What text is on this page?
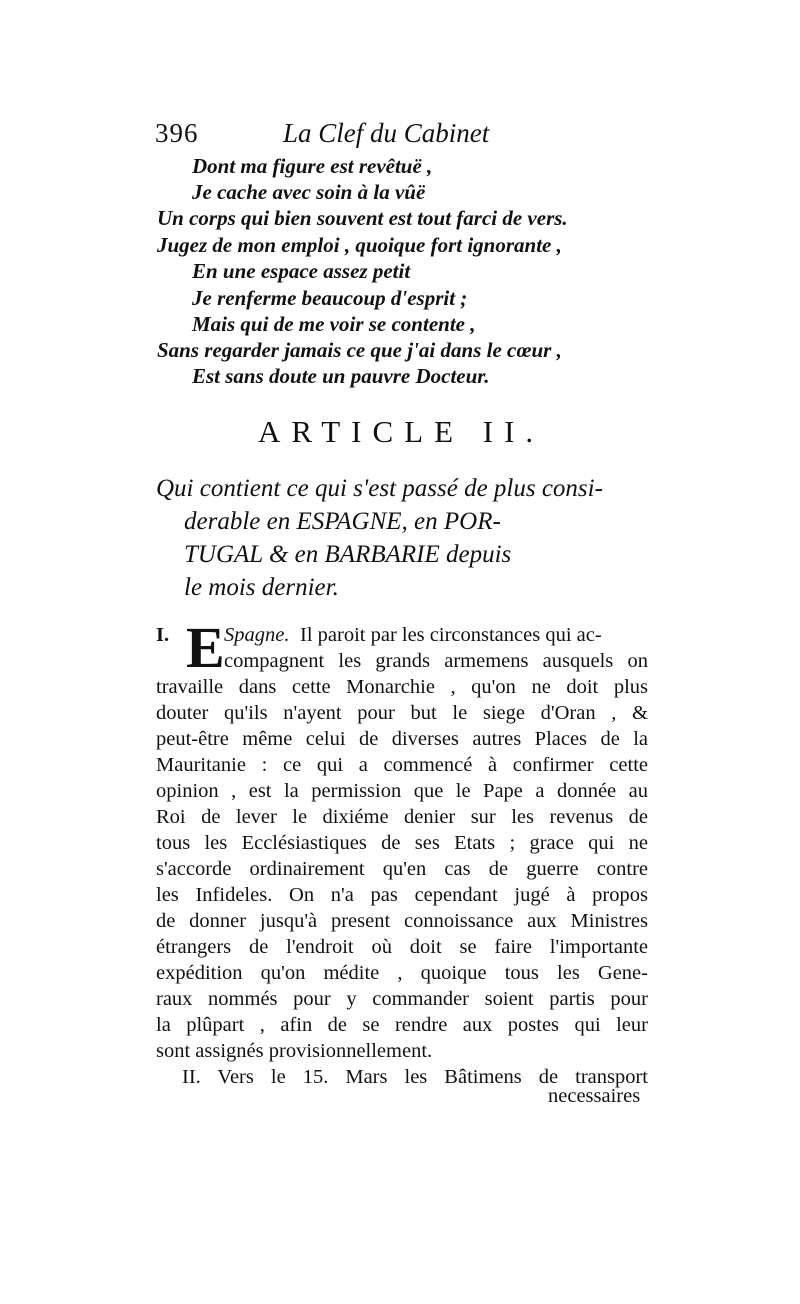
396	La Clef du Cabinet
Dont ma figure est revêtuë ,
Je cache avec soin à la vûë
Un corps qui bien souvent est tout farci de vers.
Jugez de mon emploi , quoique fort ignorante ,
En une espace assez petit
Je renferme beaucoup d'esprit ;
Mais qui de me voir se contente ,
Sans regarder jamais ce que j'ai dans le cœur ,
Est sans doute un pauvre Docteur.
ARTICLE II.
Qui contient ce qui s'est passé de plus consi-
derable en ESPAGNE, en POR-
TUGAL & en BARBARIE depuis
le mois dernier.
I. E Spagne. Il paroit par les circonstances qui ac-
compagnent les grands armemens ausquels on
travaille dans cette Monarchie , qu'on ne doit plus
douter qu'ils n'ayent pour but le siege d'Oran , &
peut-être même celui de diverses autres Places de la
Mauritanie : ce qui a commencé à confirmer cette
opinion , est la permission que le Pape a donnée au
Roi de lever le dixiéme denier sur les revenus de
tous les Ecclésiastiques de ses Etats ; grace qui ne
s'accorde ordinairement qu'en cas de guerre contre
les Infideles. On n'a pas cependant jugé à propos
de donner jusqu'à present connoissance aux Ministres
étrangers de l'endroit où doit se faire l'importante
expédition qu'on médite , quoique tous les Gene-
raux nommés pour y commander soient partis pour
la plûpart , afin de se rendre aux postes qui leur
sont assignés provisionnellement.
II. Vers le 15. Mars les Bâtimens de transport
necessaires
